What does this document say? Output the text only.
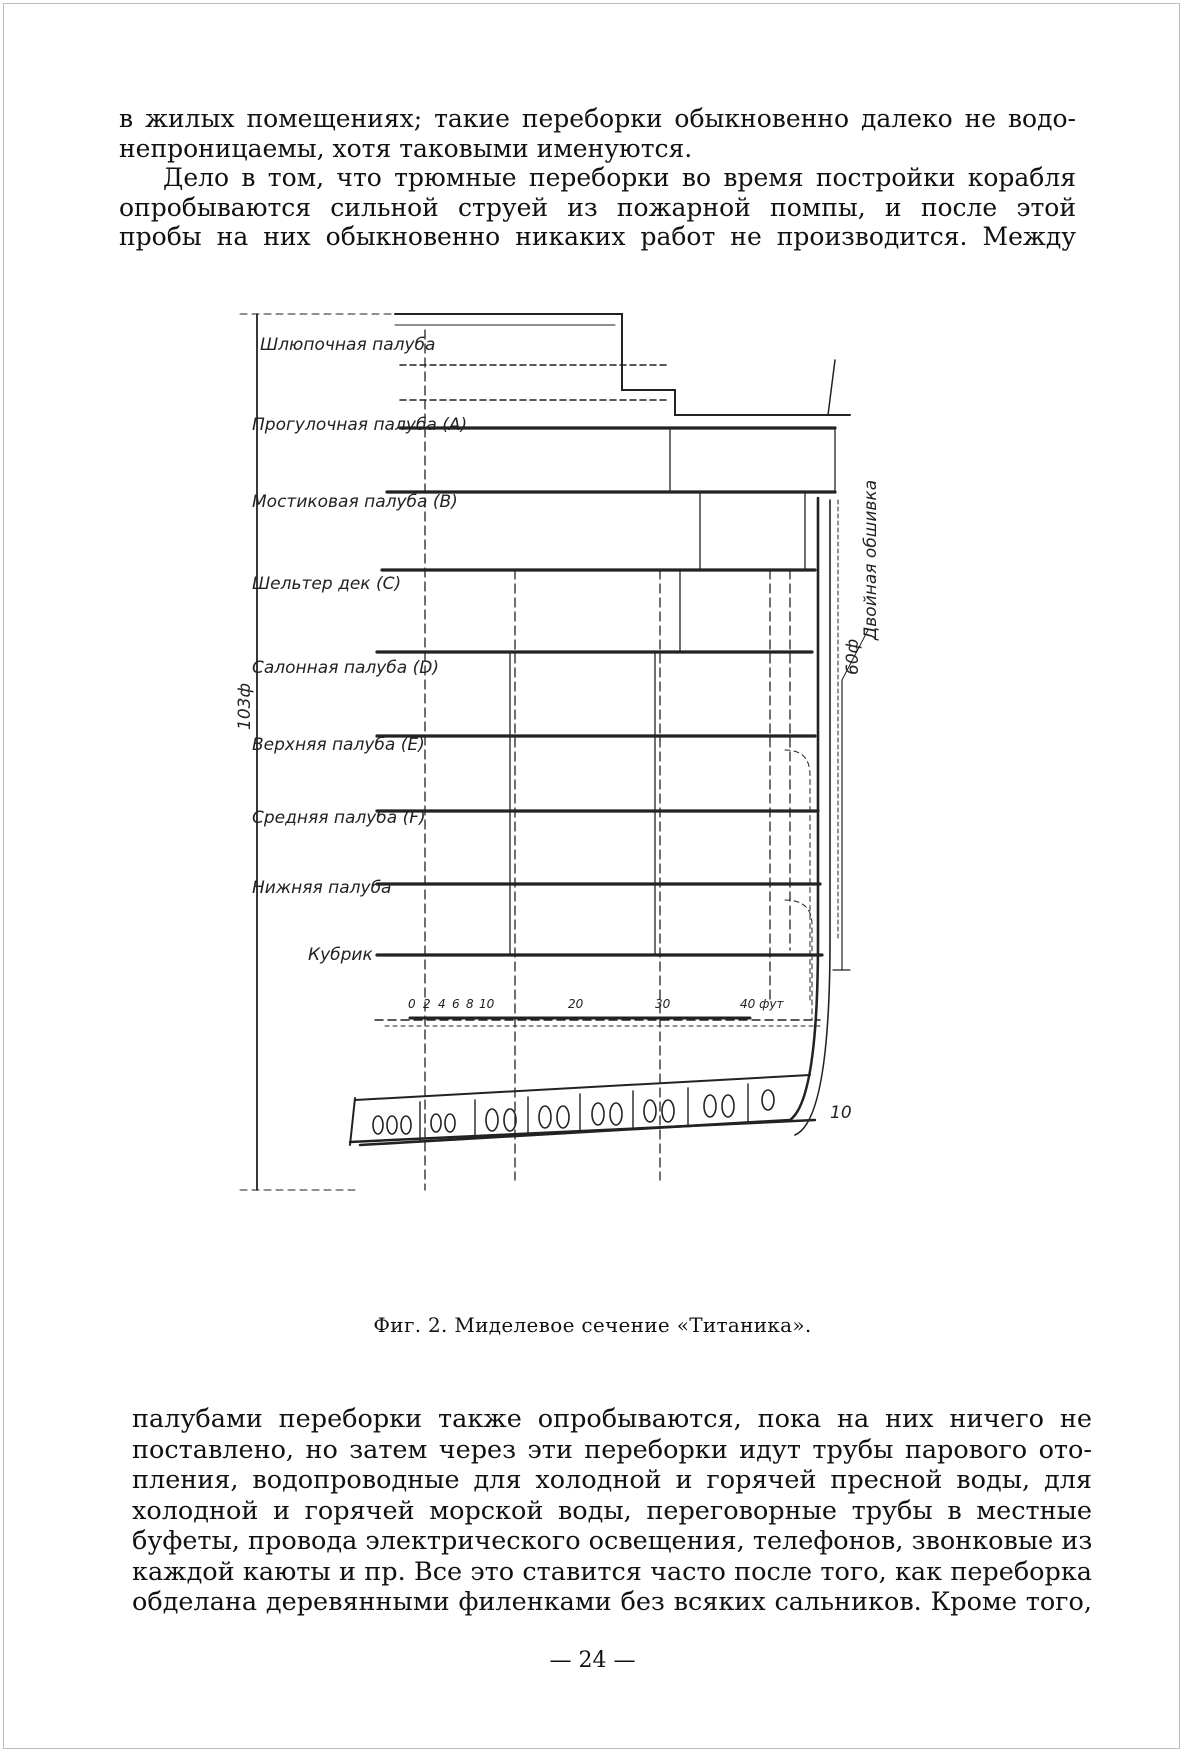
в жилых помещениях; такие переборки обыкновенно далеко не водо-
непроницаемы, хотя таковыми именуются.
Дело в том, что трюмные переборки во время постройки корабля
опробываются сильной струей из пожарной помпы, и после этой
пробы на них обыкновенно никаких работ не производится. Между
Шлюпочная палуба
Прогулочная палуба (A)
Мостиковая палуба (B)
Шельтер дек (C)
Салонная палуба (D)
Верхняя палуба (E)
Средняя палуба (F)
Нижняя палуба
Кубрик
103ф
60ф
Двойная обшивка
10
0 2 4 6 8 10	20	30	40 фут
Фиг. 2. Миделевое сечение «Титаника».
палубами переборки также опробываются, пока на них ничего не
поставлено, но затем через эти переборки идут трубы парового ото-
пления, водопроводные для холодной и горячей пресной воды, для
холодной и горячей морской воды, переговорные трубы в местные
буфеты, провода электрического освещения, телефонов, звонковые из
каждой каюты и пр. Все это ставится часто после того, как переборка
обделана деревянными филенками без всяких сальников. Кроме того,
— 24 —
